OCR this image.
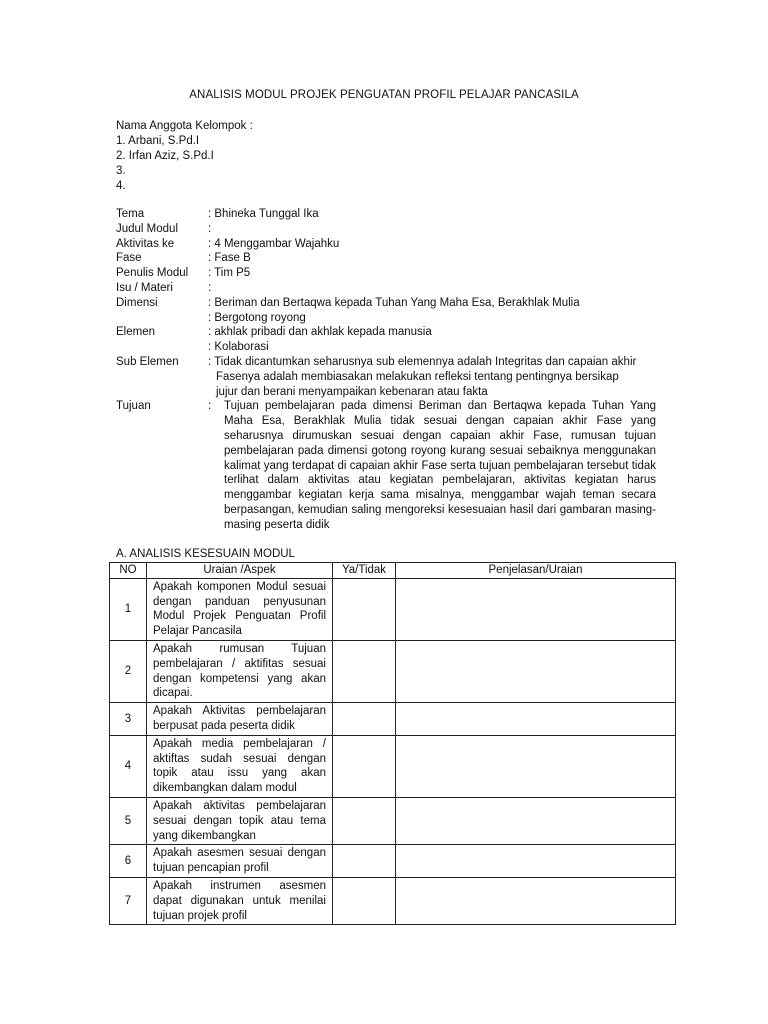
ANALISIS MODUL PROJEK PENGUATAN PROFIL PELAJAR PANCASILA
Nama Anggota Kelompok :
1. Arbani, S.Pd.I
2. Irfan Aziz, S.Pd.I
3.
4.
Tema	: Bhineka Tunggal Ika
Judul Modul	:
Aktivitas ke	: 4 Menggambar Wajahku
Fase	: Fase B
Penulis Modul	: Tim P5
Isu / Materi	:
Dimensi	: Beriman dan Bertaqwa kepada Tuhan Yang Maha Esa, Berakhlak Mulia
: Bergotong royong
Elemen	: akhlak pribadi dan akhlak kepada manusia
: Kolaborasi
Sub Elemen	: Tidak dicantumkan seharusnya sub elemennya adalah Integritas dan capaian akhir
Fasenya adalah membiasakan melakukan refleksi tentang pentingnya bersikap
jujur dan berani menyampaikan kebenaran atau fakta
Tujuan	:	Tujuan pembelajaran pada dimensi Beriman dan Bertaqwa kepada Tuhan Yang Maha Esa, Berakhlak Mulia tidak sesuai dengan capaian akhir Fase yang seharusnya dirumuskan sesuai dengan capaian akhir Fase, rumusan tujuan pembelajaran pada dimensi gotong royong kurang sesuai sebaiknya menggunakan kalimat yang terdapat di capaian akhir Fase serta tujuan pembelajaran tersebut tidak terlihat dalam aktivitas atau kegiatan pembelajaran, aktivitas kegiatan harus menggambar kegiatan kerja sama misalnya, menggambar wajah teman secara berpasangan, kemudian saling mengoreksi kesesuaian hasil dari gambaran masing-masing peserta didik
A. ANALISIS KESESUAIN MODUL
NO	Uraian /Aspek	Ya/Tidak	Penjelasan/Uraian
1	Apakah komponen Modul sesuai dengan panduan penyusunan Modul Projek Penguatan Profil Pelajar Pancasila		
2	Apakah rumusan Tujuan pembelajaran / aktifitas sesuai dengan kompetensi yang akan dicapai.		
3	Apakah Aktivitas pembelajaran berpusat pada peserta didik		
4	Apakah media pembelajaran / aktiftas sudah sesuai dengan topik atau issu yang akan dikembangkan dalam modul		
5	Apakah aktivitas pembelajaran sesuai dengan topik atau tema yang dikembangkan		
6	Apakah asesmen sesuai dengan tujuan pencapian profil		
7	Apakah instrumen asesmen dapat digunakan untuk menilai tujuan projek profil		
